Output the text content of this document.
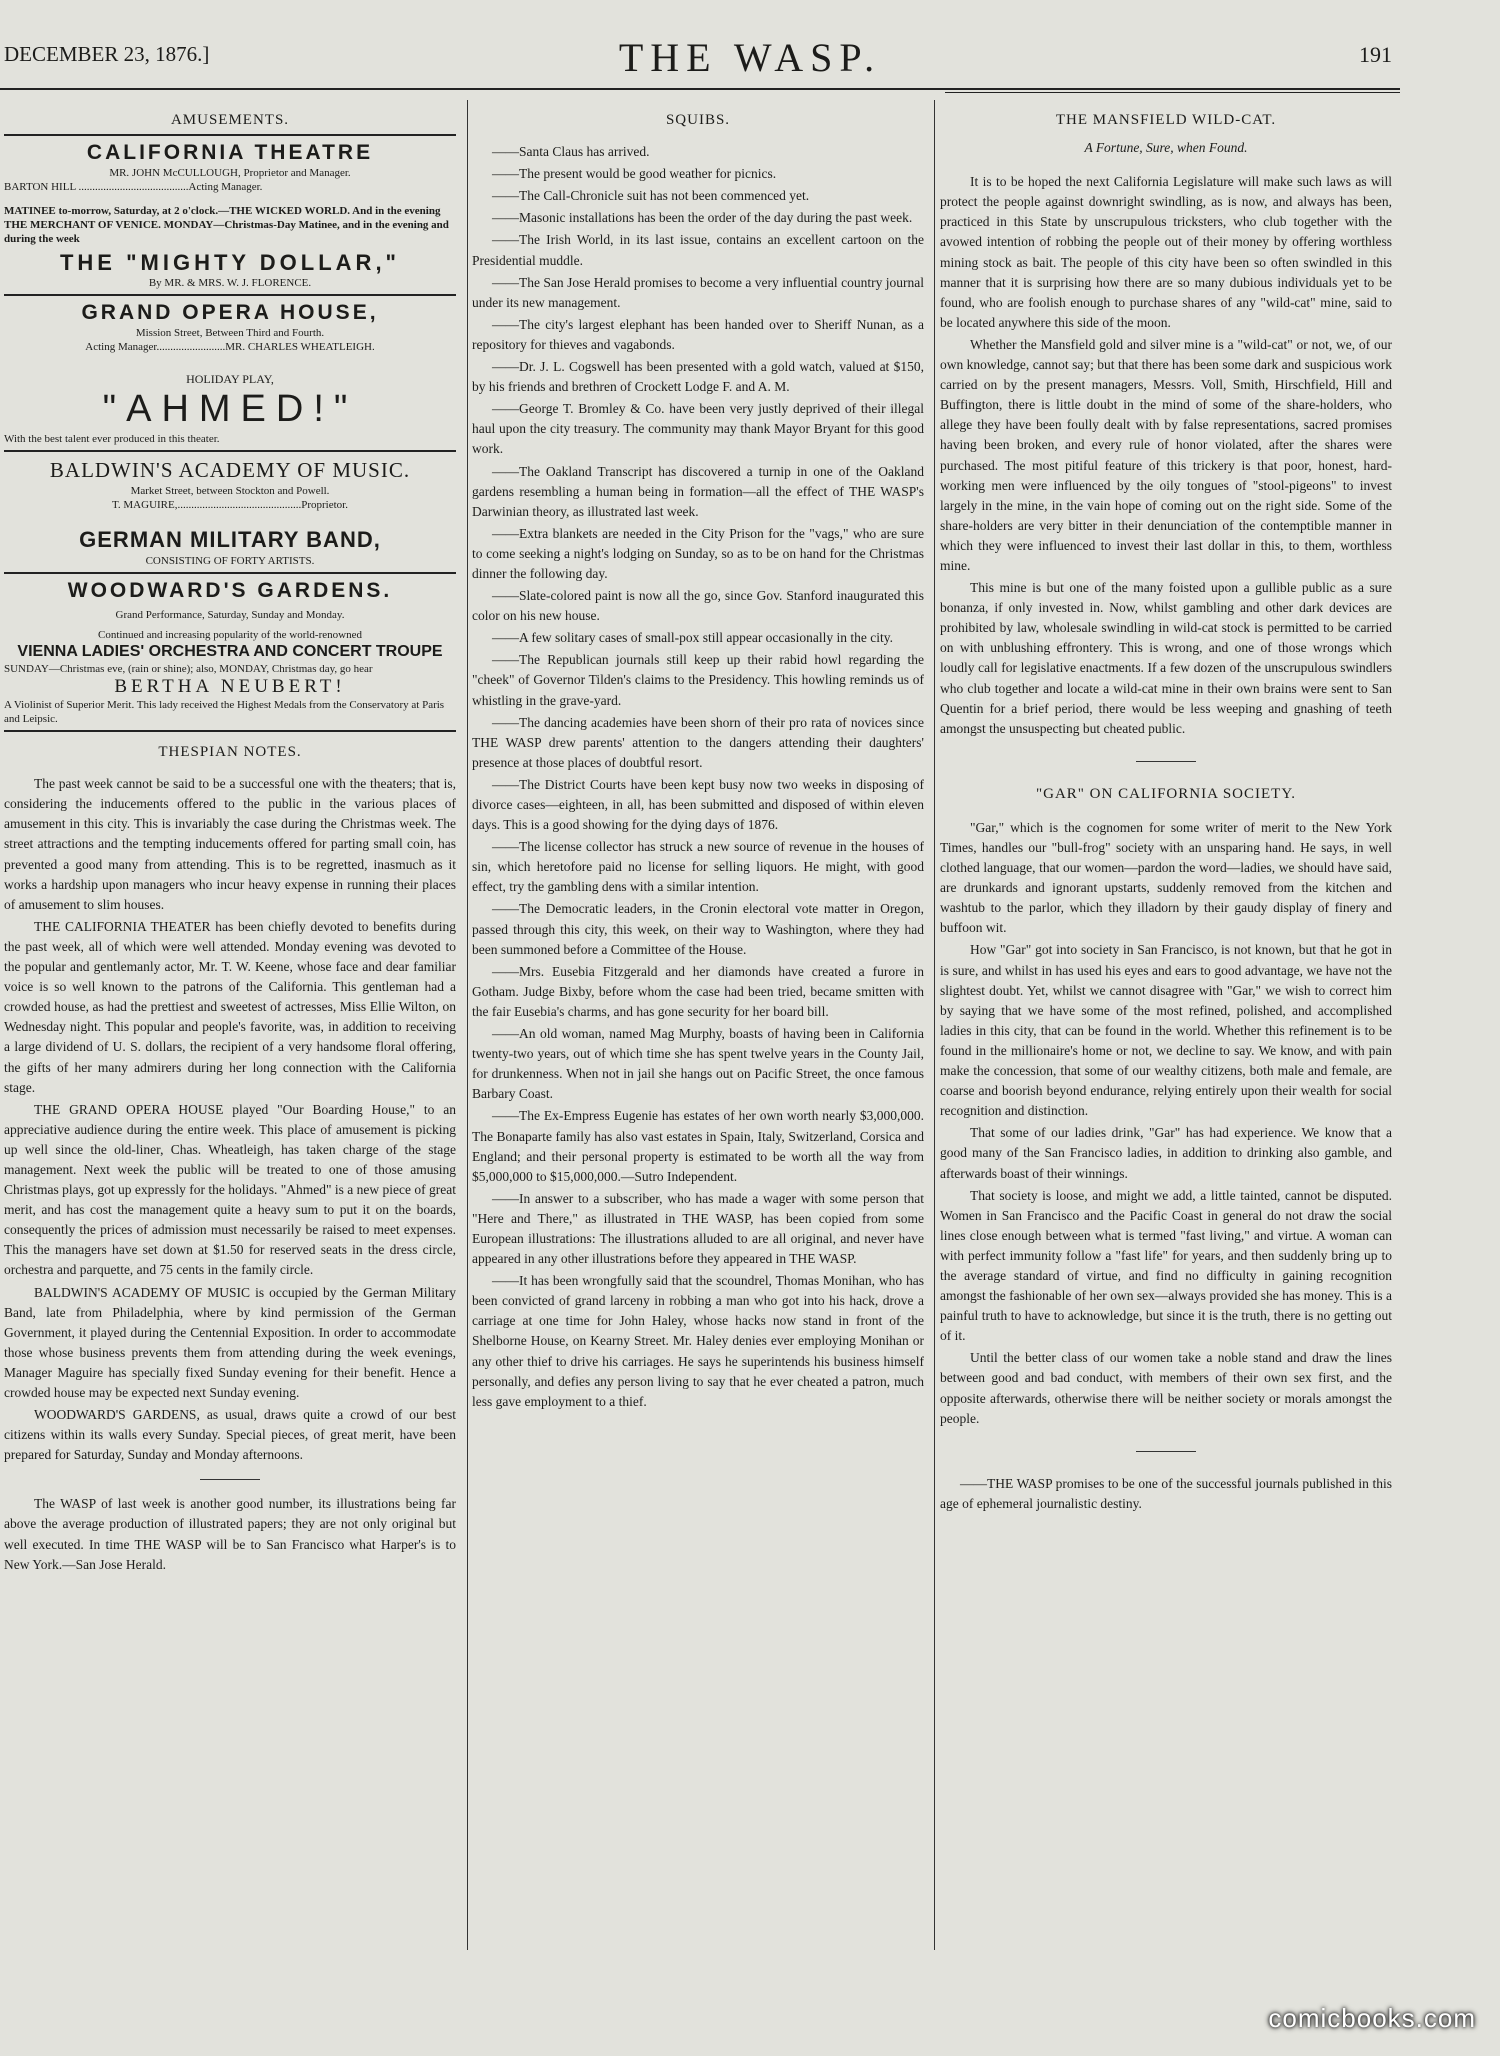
DECEMBER 23, 1876.]	THE WASP.	191
AMUSEMENTS.
CALIFORNIA THEATRE
MR. JOHN McCULLOUGH, Proprietor and Manager.
BARTON HILL ........................................Acting Manager.
MATINEE to-morrow, Saturday, at 2 o'clock.—THE WICKED WORLD. And in the evening THE MERCHANT OF VENICE. MONDAY—Christmas-Day Matinee, and in the evening and during the week
THE "MIGHTY DOLLAR,"
By MR. & MRS. W. J. FLORENCE.
GRAND OPERA HOUSE,
Mission Street, Between Third and Fourth.
Acting Manager.........................MR. CHARLES WHEATLEIGH.
HOLIDAY PLAY,
"AHMED!"
With the best talent ever produced in this theater.
BALDWIN'S ACADEMY OF MUSIC.
Market Street, between Stockton and Powell.
T. MAGUIRE,.............................................Proprietor.
GERMAN MILITARY BAND,
CONSISTING OF FORTY ARTISTS.
WOODWARD'S GARDENS.
Grand Performance, Saturday, Sunday and Monday.
Continued and increasing popularity of the world-renowned
VIENNA LADIES' ORCHESTRA AND CONCERT TROUPE
SUNDAY—Christmas eve, (rain or shine); also, MONDAY, Christmas day, go hear
BERTHA NEUBERT!
A Violinist of Superior Merit. This lady received the Highest Medals from the Conservatory at Paris and Leipsic.
THESPIAN NOTES.

The past week cannot be said to be a successful one with the theaters; that is, considering the inducements offered to the public in the various places of amusement in this city. This is invariably the case during the Christmas week. The street attractions and the tempting inducements offered for parting small coin, has prevented a good many from attending. This is to be regretted, inasmuch as it works a hardship upon managers who incur heavy expense in running their places of amusement to slim houses.

THE CALIFORNIA THEATER has been chiefly devoted to benefits during the past week, all of which were well attended. Monday evening was devoted to the popular and gentlemanly actor, Mr. T. W. Keene, whose face and dear familiar voice is so well known to the patrons of the California. This gentleman had a crowded house, as had the prettiest and sweetest of actresses, Miss Ellie Wilton, on Wednesday night. This popular and people's favorite, was, in addition to receiving a large dividend of U. S. dollars, the recipient of a very handsome floral offering, the gifts of her many admirers during her long connection with the California stage.

THE GRAND OPERA HOUSE played "Our Boarding House," to an appreciative audience during the entire week. This place of amusement is picking up well since the old-liner, Chas. Wheatleigh, has taken charge of the stage management. Next week the public will be treated to one of those amusing Christmas plays, got up expressly for the holidays. "Ahmed" is a new piece of great merit, and has cost the management quite a heavy sum to put it on the boards, consequently the prices of admission must necessarily be raised to meet expenses. This the managers have set down at $1.50 for reserved seats in the dress circle, orchestra and parquette, and 75 cents in the family circle.

BALDWIN'S ACADEMY OF MUSIC is occupied by the German Military Band, late from Philadelphia, where by kind permission of the German Government, it played during the Centennial Exposition. In order to accommodate those whose business prevents them from attending during the week evenings, Manager Maguire has specially fixed Sunday evening for their benefit. Hence a crowded house may be expected next Sunday evening.

WOODWARD'S GARDENS, as usual, draws quite a crowd of our best citizens within its walls every Sunday. Special pieces, of great merit, have been prepared for Saturday, Sunday and Monday afternoons.

The WASP of last week is another good number, its illustrations being far above the average production of illustrated papers; they are not only original but well executed. In time THE WASP will be to San Francisco what Harper's is to New York.—San Jose Herald.

SQUIBS.

——Santa Claus has arrived.

——The present would be good weather for picnics.

——The Call-Chronicle suit has not been commenced yet.

——Masonic installations has been the order of the day during the past week.

——The Irish World, in its last issue, contains an excellent cartoon on the Presidential muddle.

——The San Jose Herald promises to become a very influential country journal under its new management.

——The city's largest elephant has been handed over to Sheriff Nunan, as a repository for thieves and vagabonds.

——Dr. J. L. Cogswell has been presented with a gold watch, valued at $150, by his friends and brethren of Crockett Lodge F. and A. M.

——George T. Bromley & Co. have been very justly deprived of their illegal haul upon the city treasury. The community may thank Mayor Bryant for this good work.

——The Oakland Transcript has discovered a turnip in one of the Oakland gardens resembling a human being in formation—all the effect of THE WASP's Darwinian theory, as illustrated last week.

——Extra blankets are needed in the City Prison for the "vags," who are sure to come seeking a night's lodging on Sunday, so as to be on hand for the Christmas dinner the following day.

——Slate-colored paint is now all the go, since Gov. Stanford inaugurated this color on his new house.

——A few solitary cases of small-pox still appear occasionally in the city.

——The Republican journals still keep up their rabid howl regarding the "cheek" of Governor Tilden's claims to the Presidency. This howling reminds us of whistling in the grave-yard.

——The dancing academies have been shorn of their pro rata of novices since THE WASP drew parents' attention to the dangers attending their daughters' presence at those places of doubtful resort.

——The District Courts have been kept busy now two weeks in disposing of divorce cases—eighteen, in all, has been submitted and disposed of within eleven days. This is a good showing for the dying days of 1876.

——The license collector has struck a new source of revenue in the houses of sin, which heretofore paid no license for selling liquors. He might, with good effect, try the gambling dens with a similar intention.

——The Democratic leaders, in the Cronin electoral vote matter in Oregon, passed through this city, this week, on their way to Washington, where they had been summoned before a Committee of the House.

——Mrs. Eusebia Fitzgerald and her diamonds have created a furore in Gotham. Judge Bixby, before whom the case had been tried, became smitten with the fair Eusebia's charms, and has gone security for her board bill.

——An old woman, named Mag Murphy, boasts of having been in California twenty-two years, out of which time she has spent twelve years in the County Jail, for drunkenness. When not in jail she hangs out on Pacific Street, the once famous Barbary Coast.

——The Ex-Empress Eugenie has estates of her own worth nearly $3,000,000. The Bonaparte family has also vast estates in Spain, Italy, Switzerland, Corsica and England; and their personal property is estimated to be worth all the way from $5,000,000 to $15,000,000.—Sutro Independent.

——In answer to a subscriber, who has made a wager with some person that "Here and There," as illustrated in THE WASP, has been copied from some European illustrations: The illustrations alluded to are all original, and never have appeared in any other illustrations before they appeared in THE WASP.

——It has been wrongfully said that the scoundrel, Thomas Monihan, who has been convicted of grand larceny in robbing a man who got into his hack, drove a carriage at one time for John Haley, whose hacks now stand in front of the Shelborne House, on Kearny Street. Mr. Haley denies ever employing Monihan or any other thief to drive his carriages. He says he superintends his business himself personally, and defies any person living to say that he ever cheated a patron, much less gave employment to a thief.

THE MANSFIELD WILD-CAT.
A Fortune, Sure, when Found.

It is to be hoped the next California Legislature will make such laws as will protect the people against downright swindling, as is now, and always has been, practiced in this State by unscrupulous tricksters, who club together with the avowed intention of robbing the people out of their money by offering worthless mining stock as bait. The people of this city have been so often swindled in this manner that it is surprising how there are so many dubious individuals yet to be found, who are foolish enough to purchase shares of any "wild-cat" mine, said to be located anywhere this side of the moon.

Whether the Mansfield gold and silver mine is a "wild-cat" or not, we, of our own knowledge, cannot say; but that there has been some dark and suspicious work carried on by the present managers, Messrs. Voll, Smith, Hirschfield, Hill and Buffington, there is little doubt in the mind of some of the share-holders, who allege they have been foully dealt with by false representations, sacred promises having been broken, and every rule of honor violated, after the shares were purchased. The most pitiful feature of this trickery is that poor, honest, hard-working men were influenced by the oily tongues of "stool-pigeons" to invest largely in the mine, in the vain hope of coming out on the right side. Some of the share-holders are very bitter in their denunciation of the contemptible manner in which they were influenced to invest their last dollar in this, to them, worthless mine.

This mine is but one of the many foisted upon a gullible public as a sure bonanza, if only invested in. Now, whilst gambling and other dark devices are prohibited by law, wholesale swindling in wild-cat stock is permitted to be carried on with unblushing effrontery. This is wrong, and one of those wrongs which loudly call for legislative enactments. If a few dozen of the unscrupulous swindlers who club together and locate a wild-cat mine in their own brains were sent to San Quentin for a brief period, there would be less weeping and gnashing of teeth amongst the unsuspecting but cheated public.

"GAR" ON CALIFORNIA SOCIETY.

"Gar," which is the cognomen for some writer of merit to the New York Times, handles our "bull-frog" society with an unsparing hand. He says, in well clothed language, that our women—pardon the word—ladies, we should have said, are drunkards and ignorant upstarts, suddenly removed from the kitchen and washtub to the parlor, which they illadorn by their gaudy display of finery and buffoon wit.

How "Gar" got into society in San Francisco, is not known, but that he got in is sure, and whilst in has used his eyes and ears to good advantage, we have not the slightest doubt. Yet, whilst we cannot disagree with "Gar," we wish to correct him by saying that we have some of the most refined, polished, and accomplished ladies in this city, that can be found in the world. Whether this refinement is to be found in the millionaire's home or not, we decline to say. We know, and with pain make the concession, that some of our wealthy citizens, both male and female, are coarse and boorish beyond endurance, relying entirely upon their wealth for social recognition and distinction.

That some of our ladies drink, "Gar" has had experience. We know that a good many of the San Francisco ladies, in addition to drinking also gamble, and afterwards boast of their winnings.

That society is loose, and might we add, a little tainted, cannot be disputed. Women in San Francisco and the Pacific Coast in general do not draw the social lines close enough between what is termed "fast living," and virtue. A woman can with perfect immunity follow a "fast life" for years, and then suddenly bring up to the average standard of virtue, and find no difficulty in gaining recognition amongst the fashionable of her own sex—always provided she has money. This is a painful truth to have to acknowledge, but since it is the truth, there is no getting out of it.

Until the better class of our women take a noble stand and draw the lines between good and bad conduct, with members of their own sex first, and the opposite afterwards, otherwise there will be neither society or morals amongst the people.

——THE WASP promises to be one of the successful journals published in this age of ephemeral journalistic destiny.

comicbooks.com
